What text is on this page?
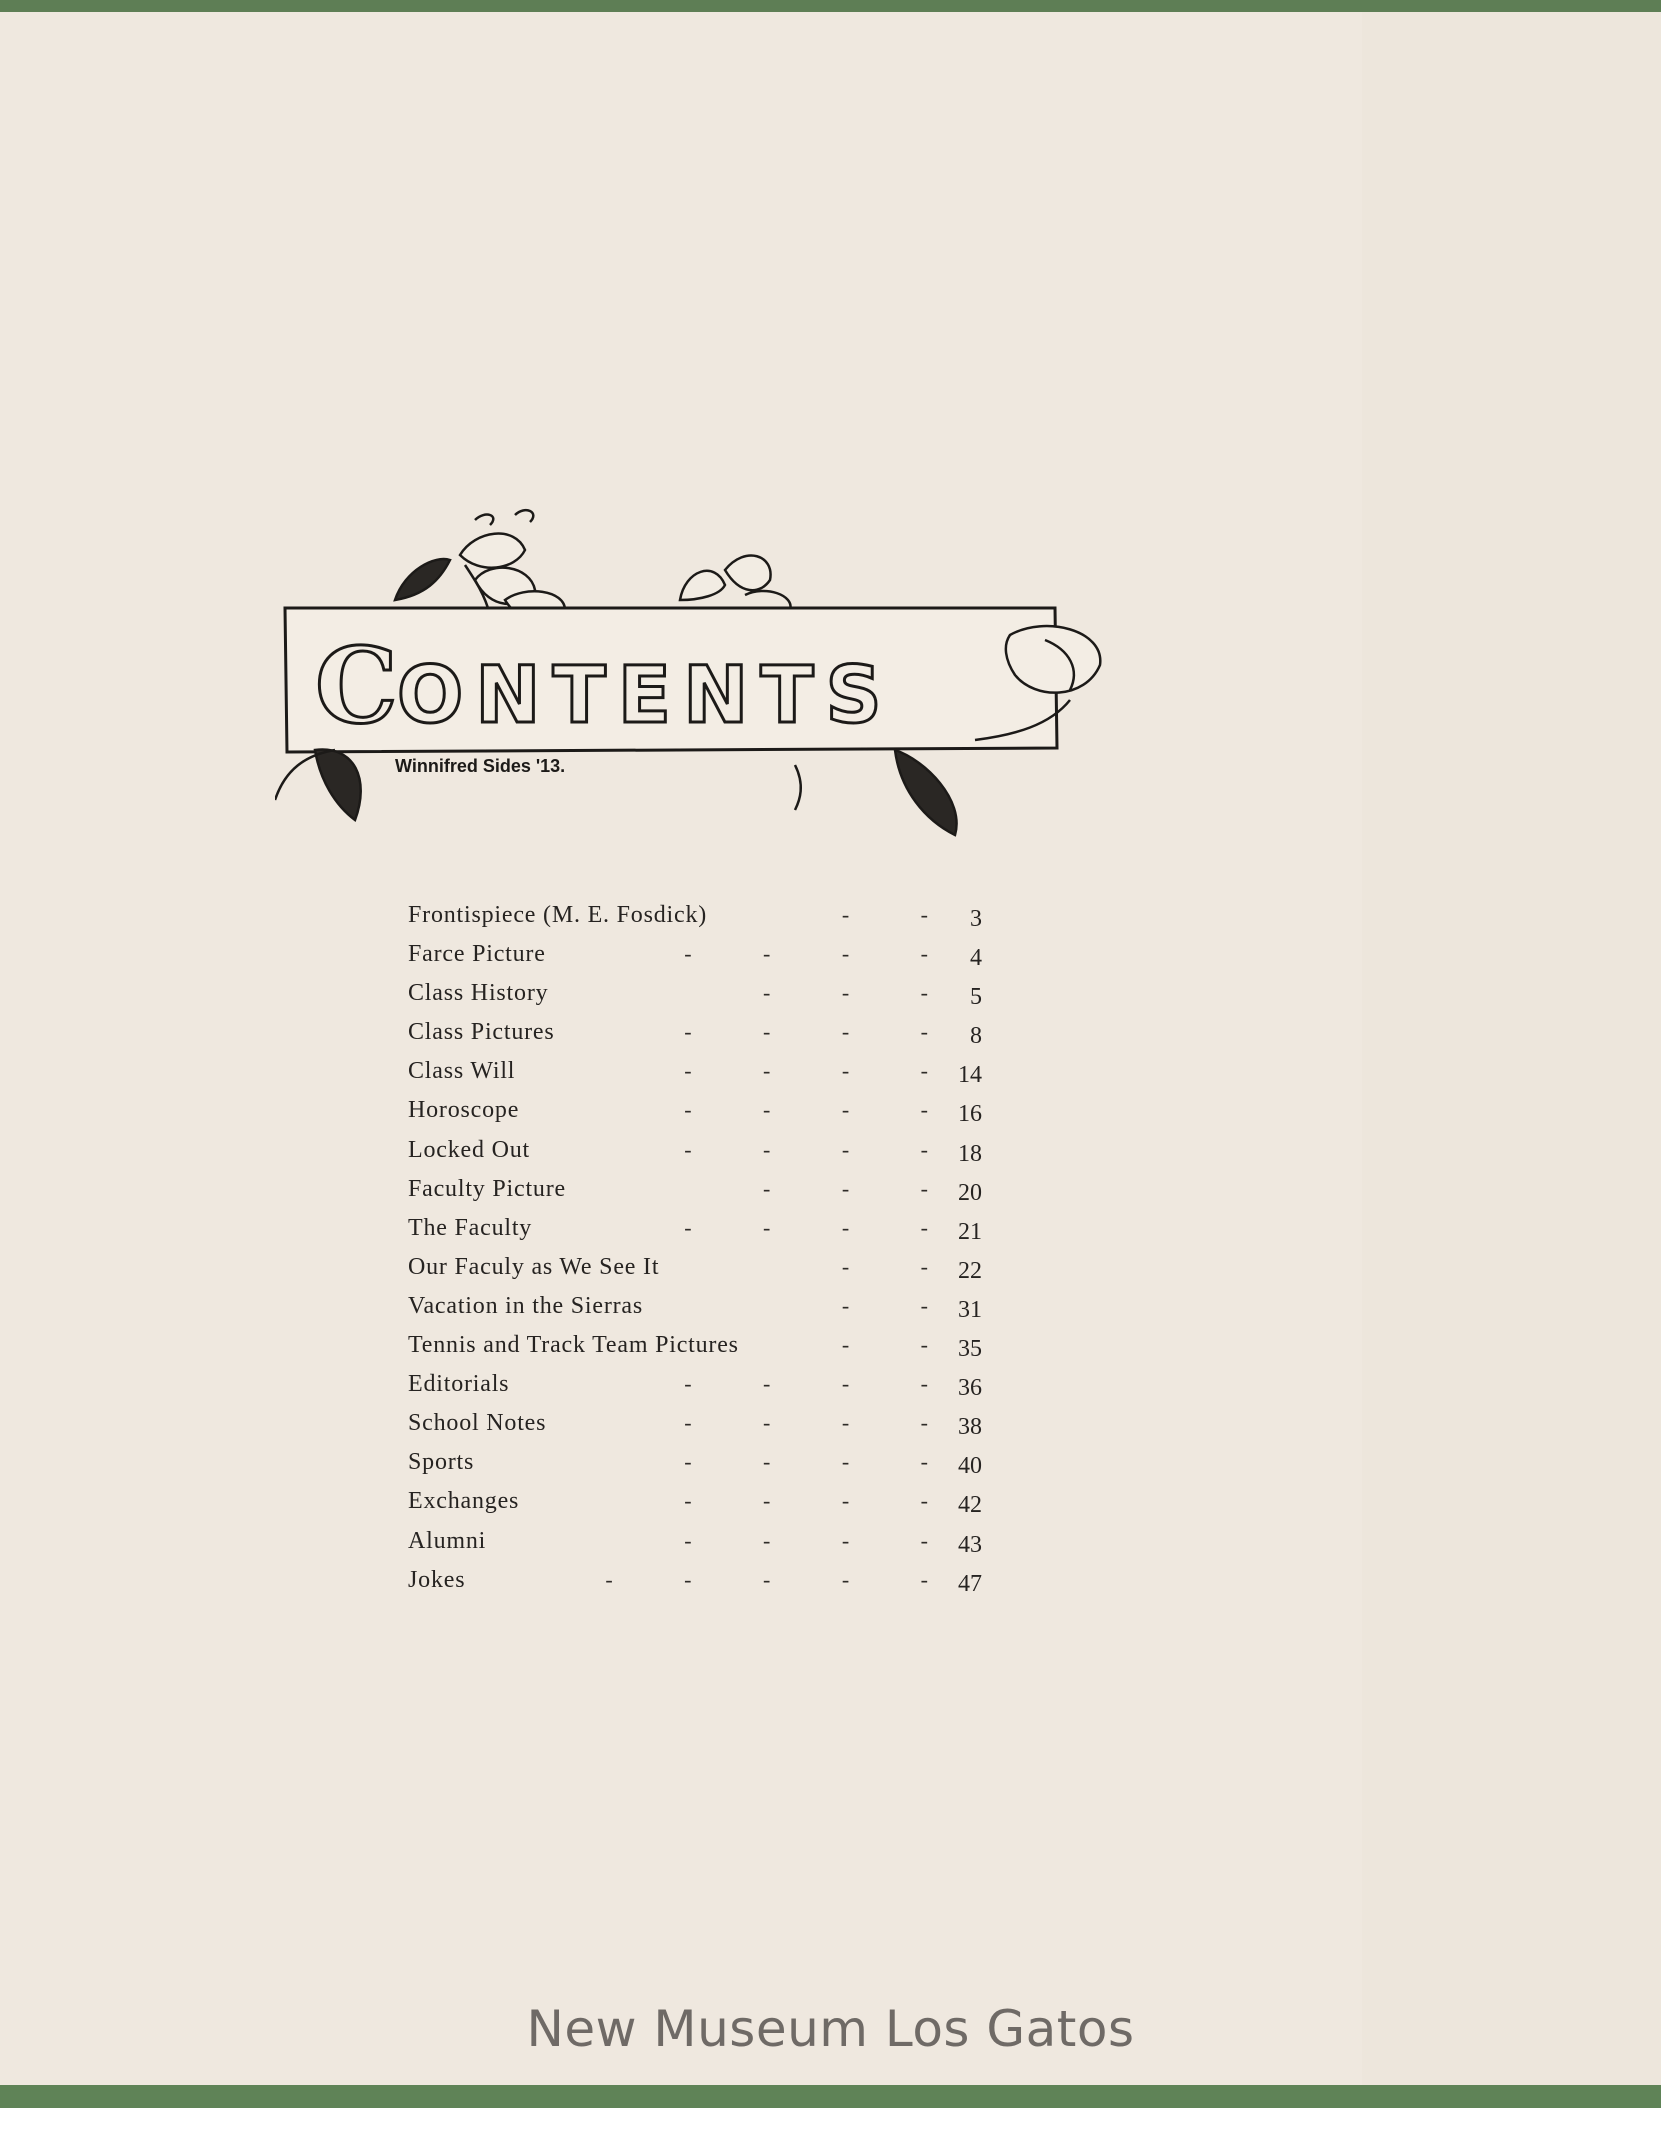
C
ONTENTS
Winnifred Sides '13.
Frontispiece (M. E. Fosdick)	- - 3
Farce Picture	- - - - 4
Class History	- - - 5
Class Pictures	- - - - 8
Class Will	- - - - 14
Horoscope	- - - - 16
Locked Out	- - - - 18
Faculty Picture	- - - 20
The Faculty	- - - - 21
Our Faculy as We See It	- - 22
Vacation in the Sierras	- - 31
Tennis and Track Team Pictures	- - 35
Editorials	- - - - 36
School Notes	- - - - 38
Sports	- - - - 40
Exchanges	- - - - 42
Alumni	- - - - 43
Jokes	- - - - - 47
New Museum Los Gatos
